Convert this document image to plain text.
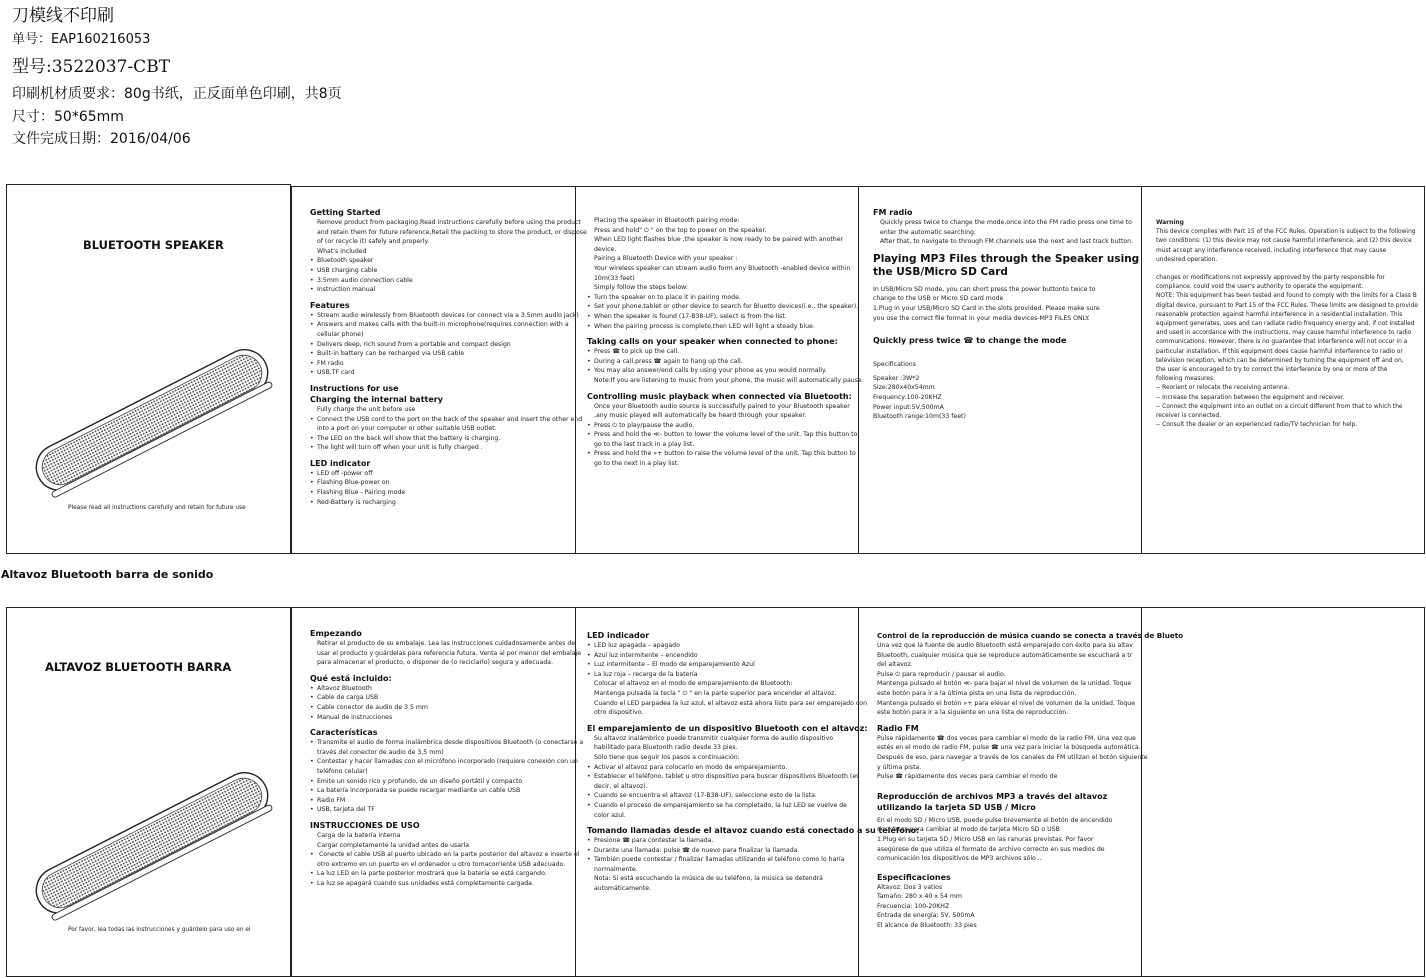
刀模线不印刷
单号：EAP160216053
型号:3522037-CBT
印刷机材质要求：80g书纸，正反面单色印刷，共8页
尺寸：50*65mm
文件完成日期：2016/04/06
BLUETOOTH SPEAKER
Please read all instructions carefully and retain for future use

Getting Started

Remove product from packaging.Read instructions carefully before using the product

and retain them for future reference,Retail the packing to store the product, or dispose

of (or recycle it) safely and properly.

What's included

• Bluetooth speaker

• USB charging cable

• 3.5mm audio connection cable

• Instruction manual

Features

• Stream audio wirelessly from Bluetooth devices (or connect via a 3.5mm audio jack)

• Answers and makes calls with the built-in microphone(requires connection with a

cellular phone)

• Delivers deep, rich sound from a portable and compact design

• Built-in battery can be recharged via USB cable

• FM radio

• USB,TF card

Instructions for use

Charging the internal battery

Fully charge the unit before use

• Connect the USB cord to the port on the back of the speaker and insert the other end

into a port on your computer or other suitable USB outlet.

• The LED on the back will show that the battery is charging.

• The light will turn off when your unit is fully charged .

LED indicator

• LED off -power off

• Flashing Blue-power on

• Flashing Blue - Pairing mode

• Red-Battery is recharging

Placing the speaker in Bluetooth pairing mode:

Press and hold" ⏻ " on the top to power on the speaker.

When LED light flashes blue ,the speaker is now ready to be paired with another

device.

Pairing a Bluetooth Device with your speaker :

Your wireless speaker can stream audio form any Bluetooth -enabled device within

10m(33 feet)

Simply follow the steps below:

• Turn the speaker on to place it in pairing mode.

• Set your phone,tablet or other device to search for Bluetto devices(i.e., the speaker).

• When the speaker is found (17-B38-UF), select is from the list.

• When the pairing process is complete,then LED will light a steady blue.

Taking calls on your speaker when connected to phone:

• Press ☎ to pick up the call.

• During a call,press ☎ again to hang up the call.

• You may also answer/end calls by using your phone as you would normally.

Note:If you are listening to music from your phone, the music will automatically pause.

Controlling music playback when connected via Bluetooth:

Once your Bluetooth audio source is successfully paired to your Bluetooth speaker

,any music played will automatically be heard through your speaker.

• Press ⏻ to play/pause the audio.

• Press and hold the ≪- button to lower the volume level of the unit. Tap this button to

go to the last track in a play list.

• Press and hold the »+ button to raise the volume level of the unit. Tap this button to

go to the next in a play list.

FM radio

Quickly press twice to change the mode,once into the FM radio press one time to

enter the automatic searching.

After that, to navigate to through FM channels use the next and last track button.

Playing MP3 Files through the Speaker using

the USB/Micro SD Card

In USB/Micro SD mode, you can short press the power buttonto twice to

change to the USB or Micro SD card mode

1.Plug in your USB/Micro SD Card in the slots provided. Please make sure

you use the correct file format in your media devices-MP3 FILES ONLY.

Quickly press twice ☎ to change the mode

Specifications

Speaker :3W*2

Size:280x40x54mm

Frequency:100-20KHZ

Power input:5V,500mA

Bluetooth range:10m(33 feet)

Warning

This device complies with Part 15 of the FCC Rules. Operation is subject to the following

two conditions: (1) this device may not cause harmful interference, and (2) this device

must accept any interference received, including interference that may cause

undesired operation.

changes or modifications not expressly approved by the party responsible for

compliance. could void the user's authority to operate the equipment.

NOTE: This equipment has been tested and found to comply with the limits for a Class B

digital device, pursuant to Part 15 of the FCC Rules. These limits are designed to provide

reasonable protection against harmful interference in a residential installation. This

equipment generates, uses and can radiate radio frequency energy and, if not installed

and used in accordance with the instructions, may cause harmful interference to radio

communications. However, there is no guarantee that interference will not occur in a

particular installation. If this equipment does cause harmful interference to radio or

television reception, which can be determined by turning the equipment off and on,

the user is encouraged to try to correct the interference by one or more of the

following measures:

-- Reorient or relocate the receiving antenna.

-- Increase the separation between the equipment and receiver.

-- Connect the equipment into an outlet on a circuit different from that to which the

receiver is connected.

-- Consult the dealer or an experienced radio/TV technician for help.

Altavoz Bluetooth barra de sonido
ALTAVOZ BLUETOOTH BARRA
Por favor, lea todas las instrucciones y guárdelo para uso en el

Empezando

Retirar el producto de su embalaje. Lea las instrucciones cuidadosamente antes de

usar el producto y guárdelas para referencia futura. Venta al por menor del embalaje

para almacenar el producto, o disponer de (o reciclarlo) segura y adecuada.

Qué está incluido:

• Altavoz Bluetooth

• Cable de carga USB

• Cable conector de audio de 3.5 mm

• Manual de instrucciones

Características

• Transmite el audio de forma inalámbrica desde dispositivos Bluetooth (o conectarse a

través del conector de audio de 3,5 mm)

• Contestar y hacer llamadas con el micrófono incorporado (requiere conexión con un

teléfono celular)

• Emite un sonido rico y profundo, de un diseño portátil y compacto

• La batería incorporada se puede recargar mediante un cable USB

• Radio FM

• USB, tarjeta del TF

INSTRUCCIONES DE USO

Carga de la batería interna

Cargar completamente la unidad antes de usarla

• Conecte el cable USB al puerto ubicado en la parte posterior del altavoz e inserte el

otro extremo en un puerto en el ordenador u otro tomacorriente USB adecuado.

• La luz LED en la parte posterior mostrará que la batería se está cargando.

• La luz se apagará cuando sus unidades está completamente cargada.

LED indicador

• LED luz apagada – apagado

• Azul luz intermitente – encendido

• Luz intermitente – El modo de emparejamiento Azul

• La luz roja – recarga de la batería

Colocar el altavoz en el modo de emparejamiento de Bluetooth:

Mantenga pulsada la tecla " ⏻ " en la parte superior para encender el altavoz.

Cuando el LED parpadea la luz azul, el altavoz está ahora listo para ser emparejado con

otro dispositivo.

El emparejamiento de un dispositivo Bluetooth con el altavoz:

Su altavoz inalámbrico puede transmitir cualquier forma de audio dispositivo

habilitado para Bluetooth radio desde 33 pies.

Sólo tiene que seguir los pasos a continuación:

• Activar el altavoz para colocarlo en modo de emparejamiento.

• Establecer el teléfono, tablet u otro dispositivo para buscar dispositivos Bluetooth (es

decir, el altavoz).

• Cuando se encuentra el altavoz (17-B38-UF), seleccione esto de la lista.

• Cuando el proceso de emparejamiento se ha completado, la luz LED se vuelve de

color azul.

Tomando llamadas desde el altavoz cuando está conectado a su teléfono:

• Presione ☎ para contestar la llamada.

• Durante una llamada: pulse ☎ de nuevo para finalizar la llamada.

• También puede contestar / finalizar llamadas utilizando el teléfono como lo haría

normalmente.

Nota: Si está escuchando la música de su teléfono, la música se detendrá

automáticamente.

Control de la reproducción de música cuando se conecta a través de Blueto

Una vez que la fuente de audio Bluetooth está emparejado con éxito para su altav

Bluetooth, cualquier música que se reproduce automáticamente se escuchará a tr

del altavoz.

Pulse ⏻ para reproducir / pausar el audio.

Mantenga pulsado el botón ≪- para bajar el nivel de volumen de la unidad. Toque

este botón para ir a la última pista en una lista de reproducción.

Mantenga pulsado el botón »+ para elevar el nivel de volumen de la unidad. Toque

este botón para ir a la siguiente en una lista de reproducción.

Radio FM

Pulse rápidamente ☎ dos veces para cambiar el modo de la radio FM. Una vez que

estés en el modo de radio FM, pulse ☎ una vez para iniciar la búsqueda automática.

Después de eso, para navegar a través de los canales de FM utilizan el botón siguiente

y última pista.

Pulse ☎ rápidamente dos veces para cambiar el modo de

Reproducción de archivos MP3 a través del altavoz

utilizando la tarjeta SD USB / Micro

En el modo SD / Micro USB, puede pulse brevemente el botón de encendido

dos veces para cambiar al modo de tarjeta Micro SD o USB

1.Plug en su tarjeta SD / Micro USB en las ranuras previstas. Por favor

asegúrese de que utiliza el formato de archivo correcto en sus medios de

comunicación los dispositivos de MP3 archivos sólo ..

Especificaciones

Altavoz: Dos 3 vatios

Tamaño: 280 x 40 x 54 mm

Frecuencia: 100-20KHZ

Entrada de energía: 5V, 500mA

El alcance de Bluetooth: 33 pies
